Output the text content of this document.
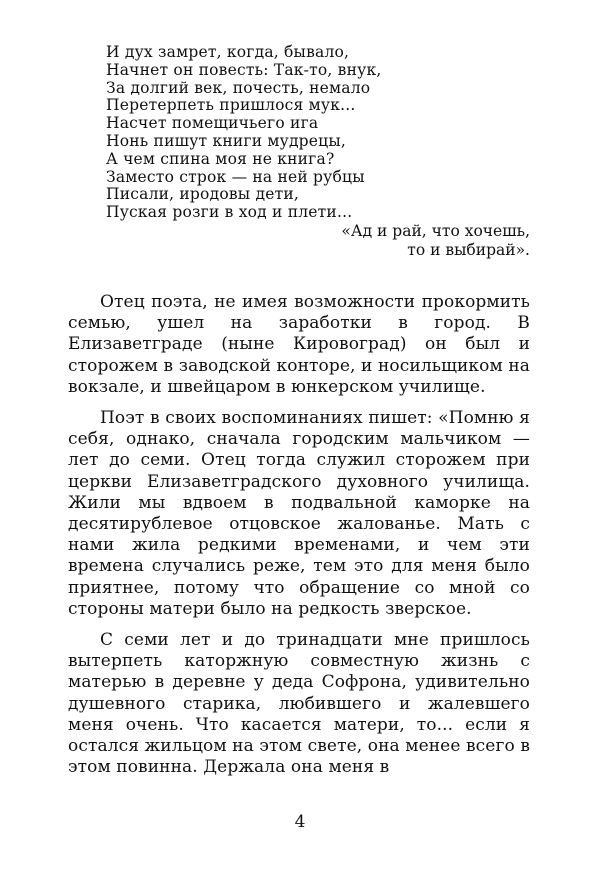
И дух замрет, когда, бывало,
Начнет он повесть: Так-то, внук,
За долгий век, почесть, немало
Перетерпеть пришлося мук...
Насчет помещичьего ига
Нонь пишут книги мудрецы,
А чем спина моя не книга?
Заместо строк — на ней рубцы
Писали, иродовы дети,
Пуская розги в ход и плети...
«Ад и рай, что хочешь,
то и выбирай».

Отец поэта, не имея возможности прокормить семью, ушел на заработки в город. В Елизаветграде (ныне Кировоград) он был и сторожем в заводской конторе, и носильщиком на вокзале, и швейцаром в юнкерском училище.

Поэт в своих воспоминаниях пишет: «Помню я себя, однако, сначала городским мальчиком — лет до семи. Отец тогда служил сторожем при церкви Елизаветградского духовного училища. Жили мы вдвоем в подвальной каморке на десятирублевое отцовское жалованье. Мать с нами жила редкими временами, и чем эти времена случались реже, тем это для меня было приятнее, потому что обращение со мной со стороны матери было на редкость зверское.

С семи лет и до тринадцати мне пришлось вытерпеть каторжную совместную жизнь с матерью в деревне у деда Софрона, удивительно душевного старика, любившего и жалевшего меня очень. Что касается матери, то... если я остался жильцом на этом свете, она менее всего в этом повинна. Держала она меня в

4
